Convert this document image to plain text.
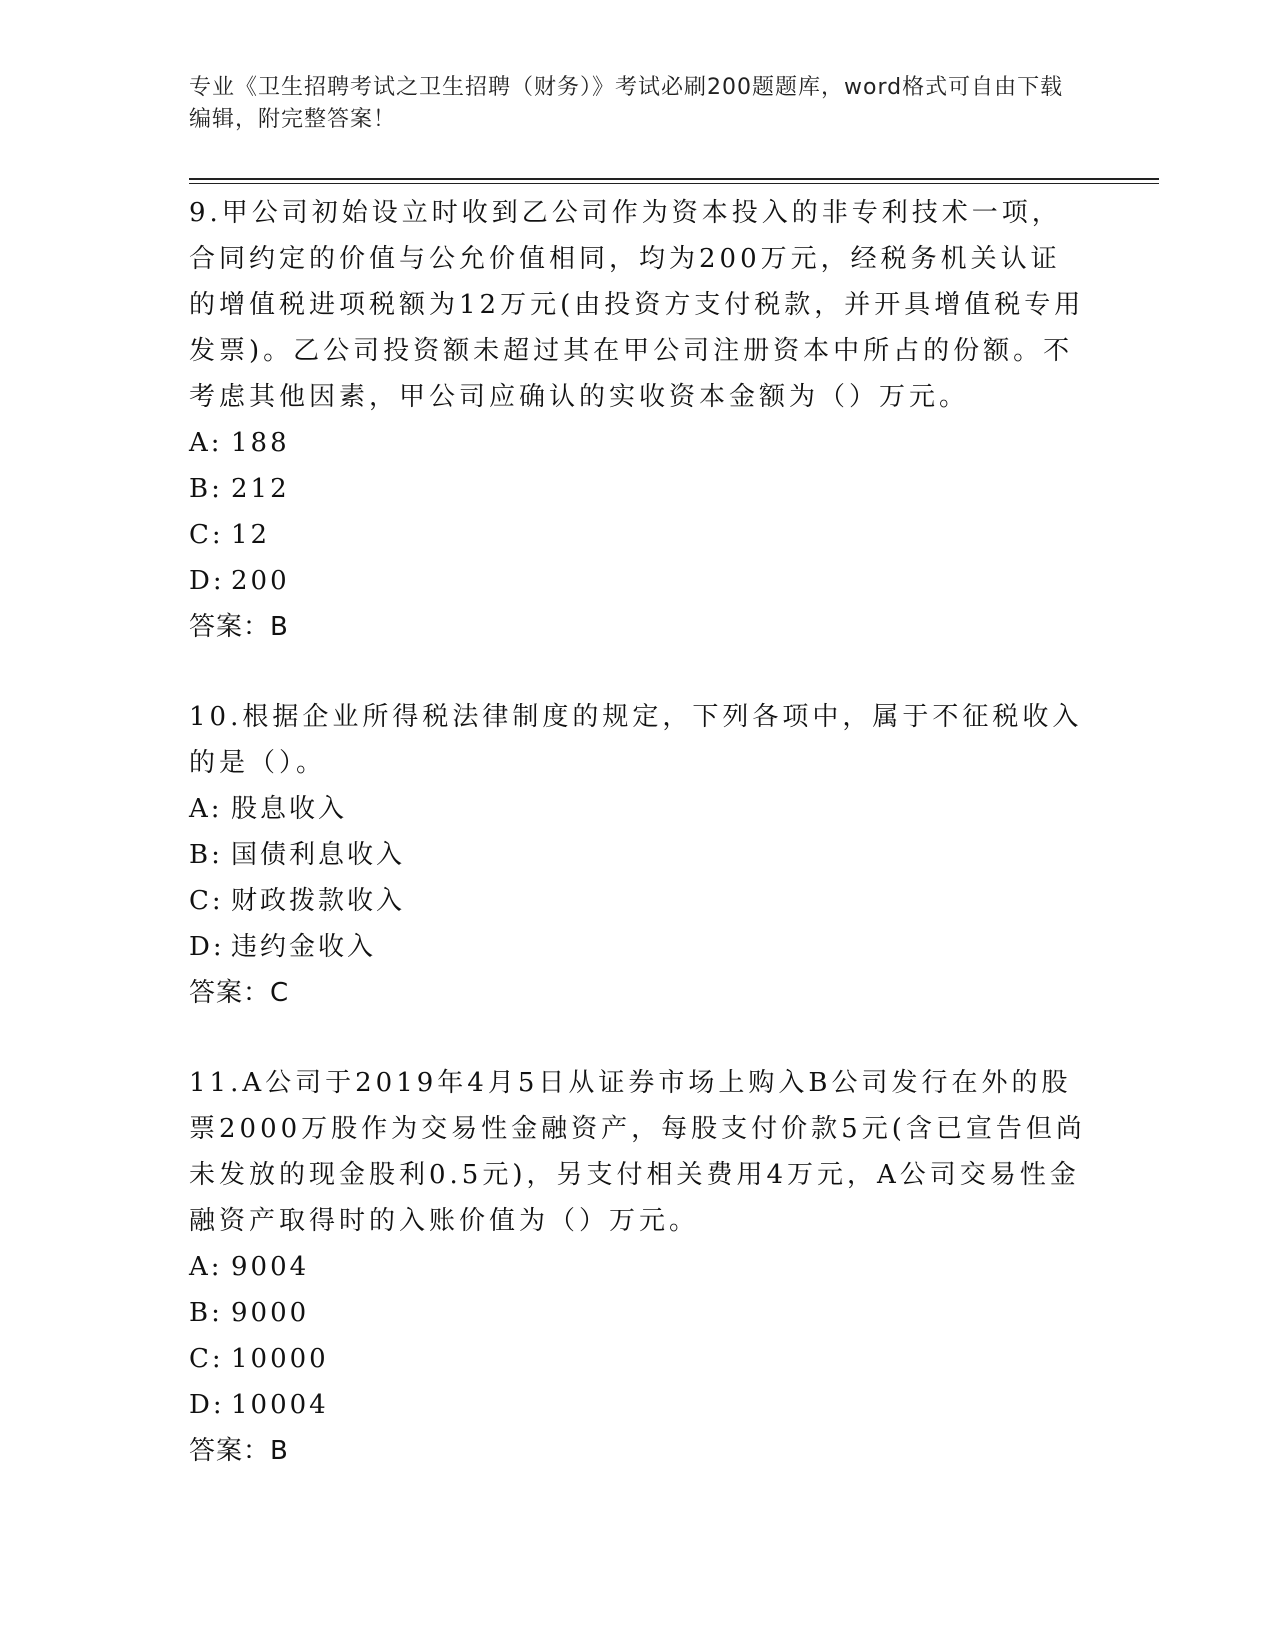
专业《卫生招聘考试之卫生招聘（财务）》考试必刷200题题库，word格式可自由下载编辑，附完整答案！

9.甲公司初始设立时收到乙公司作为资本投入的非专利技术一项，合同约定的价值与公允价值相同，均为200万元，经税务机关认证的增值税进项税额为12万元(由投资方支付税款，并开具增值税专用发票)。乙公司投资额未超过其在甲公司注册资本中所占的份额。不考虑其他因素，甲公司应确认的实收资本金额为（）万元。

A: 188

B: 212

C: 12

D: 200

答案：B

10.根据企业所得税法律制度的规定，下列各项中，属于不征税收入的是（）。

A: 股息收入

B: 国债利息收入

C: 财政拨款收入

D: 违约金收入

答案：C

11.A公司于2019年4月5日从证券市场上购入B公司发行在外的股票2000万股作为交易性金融资产，每股支付价款5元(含已宣告但尚未发放的现金股利0.5元)，另支付相关费用4万元，A公司交易性金融资产取得时的入账价值为（）万元。

A: 9004

B: 9000

C: 10000

D: 10004

答案：B
